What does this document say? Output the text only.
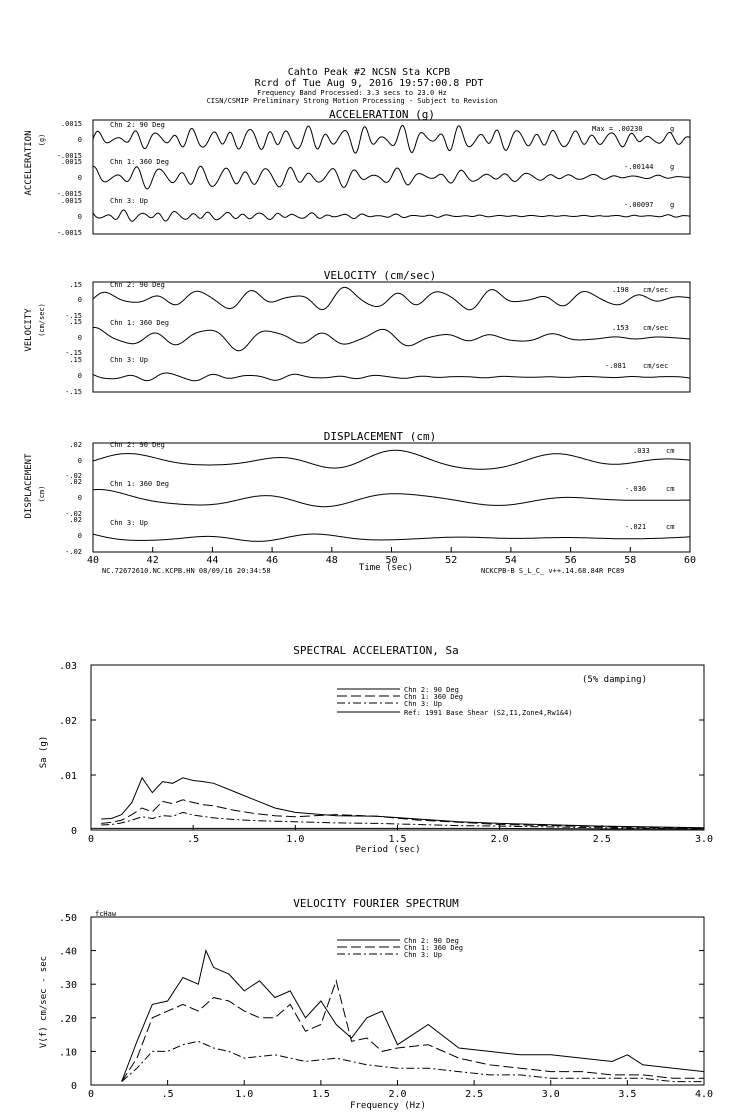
Cahto Peak #2 NCSN Sta KCPB
Rcrd of Tue Aug 9, 2016 19:57:00.8 PDT
Frequency Band Processed: 3.3 secs to 23.0 Hz
CISN/CSMIP Preliminary Strong Motion Processing - Subject to Revision
ACCELERATION (g)
ACCELERATION (g)
Chn 2: 90 Deg
Chn 1: 360 Deg
Chn 3: Up
Max = .00230
-.00144
-.00097
g
g
g
.0015
0
-.0015
.0015
0
-.0015
.0015
0
-.0015
VELOCITY (cm/sec)
VELOCITY (cm/sec)
Chn 2: 90 Deg
Chn 1: 360 Deg
Chn 3: Up
.198
.153
-.081
cm/sec
cm/sec
cm/sec
.15
0
-.15
.15
0
-.15
.15
0
-.15
DISPLACEMENT (cm)
DISPLACEMENT (cm)
Chn 2: 90 Deg
Chn 1: 360 Deg
Chn 3: Up
.033
-.036
-.021
cm
cm
cm
.02
0
-.02
.02
0
-.02
.02
0
-.02
40	42	44	46	48	50	52	54	56	58	60
Time (sec)
NC.72672610.NC.KCPB.HN 08/09/16 20:34:58	NCKCPB-B S_L_C_ v++.14.68.84R PC89
SPECTRAL ACCELERATION, Sa
Sa (g)
Period (sec)
(5% damping)
0	.5	1.0	1.5	2.0	2.5	3.0
.03
.02
.01
0
Chn 2: 90 Deg
Chn 1: 360 Deg
Chn 3: Up
Ref: 1991 Base Shear (S2,I1,Zone4,Rw1&4)
VELOCITY FOURIER SPECTRUM
fcHaw
V(f) cm/sec - sec
Frequency (Hz)
0	.5	1.0	1.5	2.0	2.5	3.0	3.5	4.0
.50
.40
.30
.20
.10
0
Chn 2: 90 Deg
Chn 1: 360 Deg
Chn 3: Up
